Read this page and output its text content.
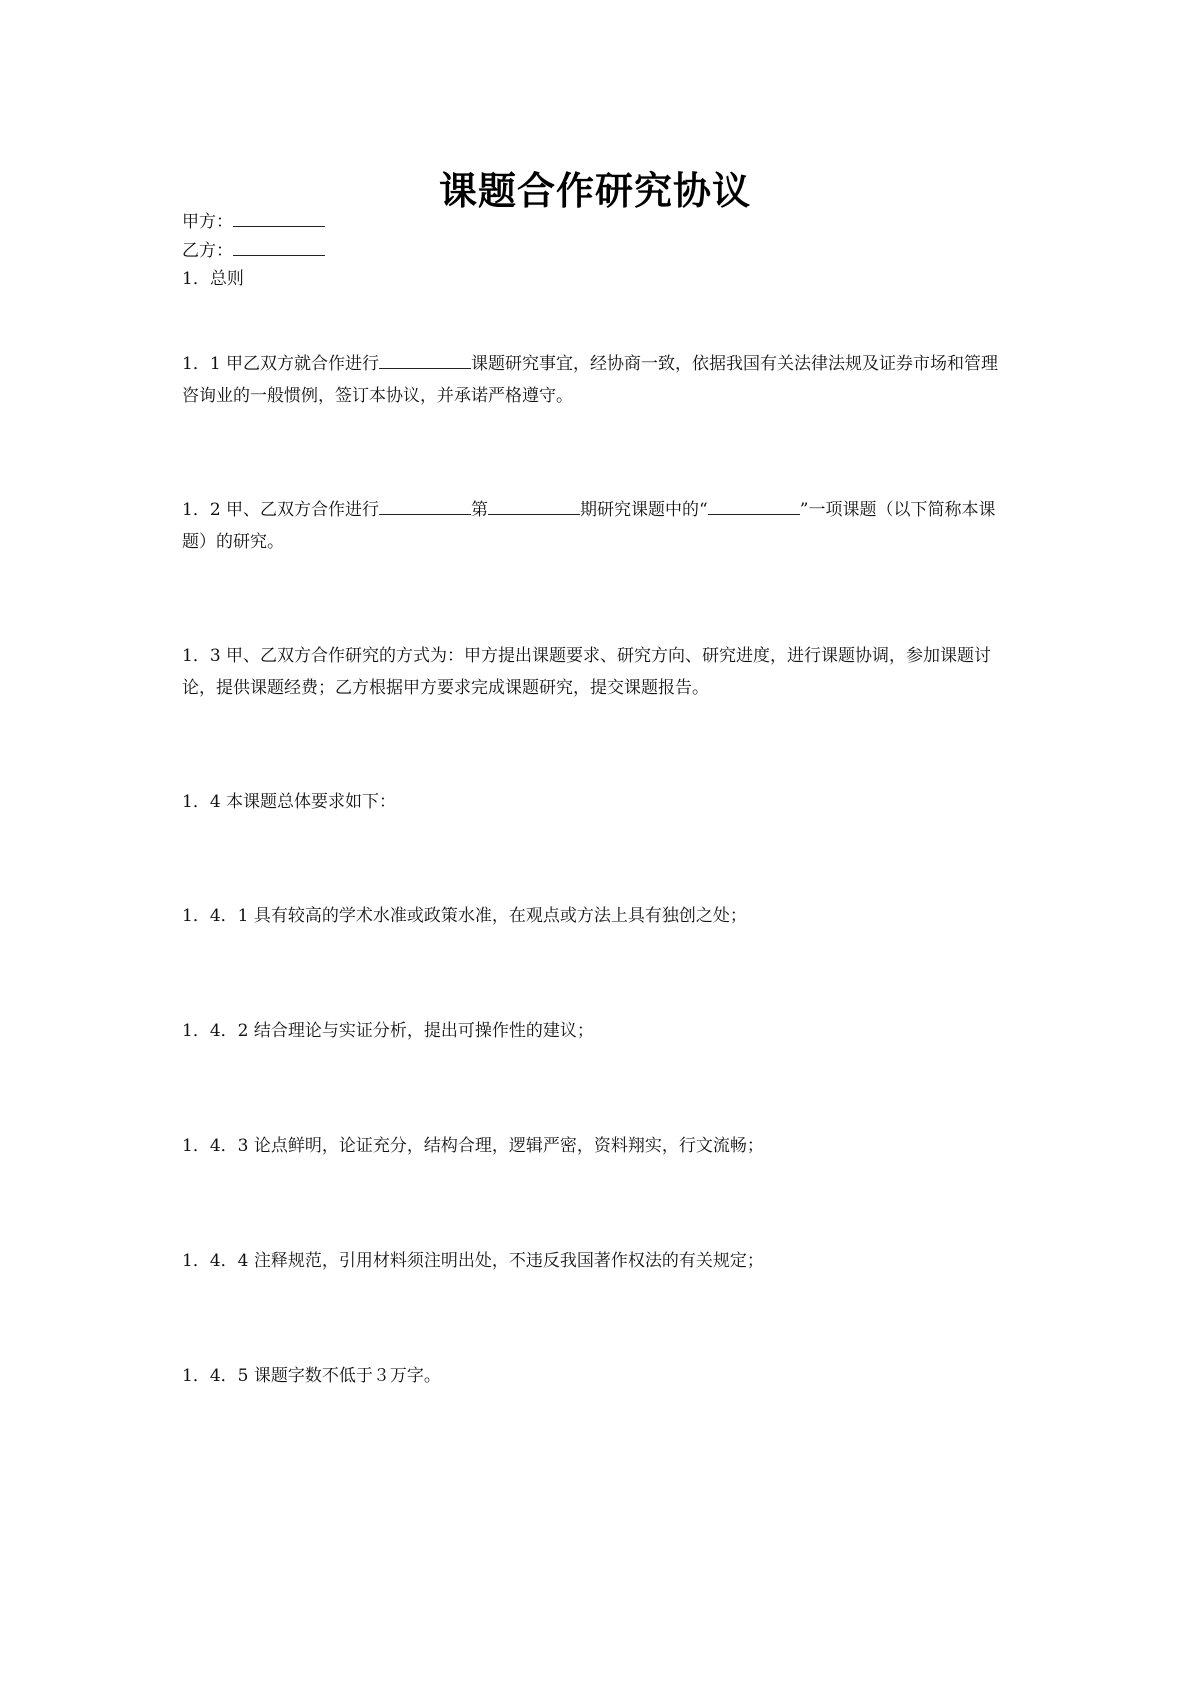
课题合作研究协议
甲方：
乙方：
1．总则
1．1 甲乙双方就合作进行	课题研究事宜，经协商一致，依据我国有关法律法规及证券市场和管理咨询业的一般惯例，签订本协议，并承诺严格遵守。
1．2 甲、乙双方合作进行	第	期研究课题中的“	”一项课题（以下简称本课题）的研究。
1．3 甲、乙双方合作研究的方式为：甲方提出课题要求、研究方向、研究进度，进行课题协调，参加课题讨论，提供课题经费；乙方根据甲方要求完成课题研究，提交课题报告。
1．4 本课题总体要求如下：
1．4．1 具有较高的学术水准或政策水准，在观点或方法上具有独创之处；
1．4．2 结合理论与实证分析，提出可操作性的建议；
1．4．3 论点鲜明，论证充分，结构合理，逻辑严密，资料翔实，行文流畅；
1．4．4 注释规范，引用材料须注明出处，不违反我国著作权法的有关规定；
1．4．5 课题字数不低于３万字。
